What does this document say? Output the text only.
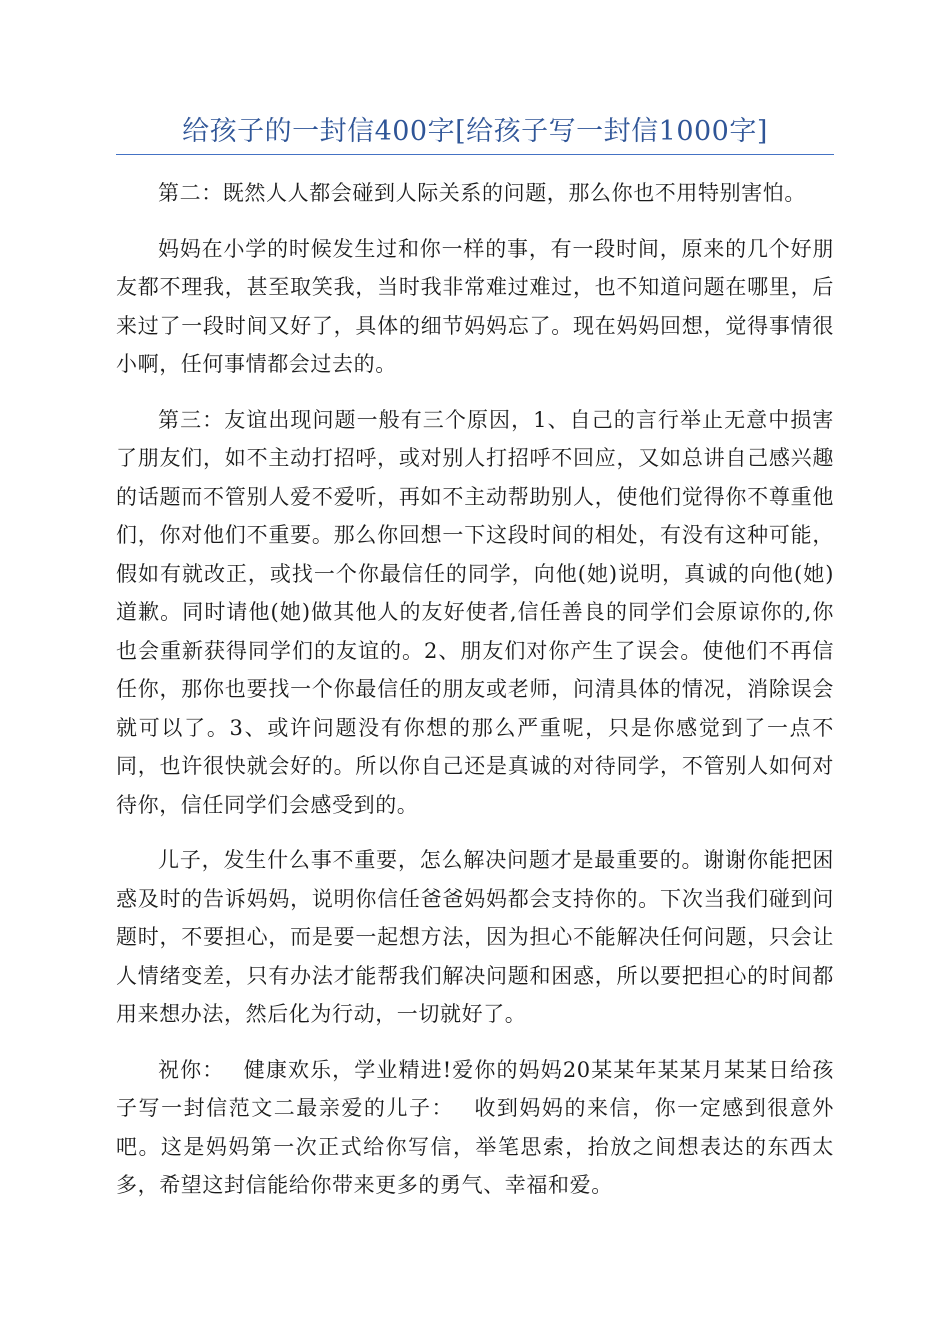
给孩子的一封信400字[给孩子写一封信1000字]

第二：既然人人都会碰到人际关系的问题，那么你也不用特别害怕。

妈妈在小学的时候发生过和你一样的事，有一段时间，原来的几个好朋友都不理我，甚至取笑我，当时我非常难过难过，也不知道问题在哪里，后来过了一段时间又好了，具体的细节妈妈忘了。现在妈妈回想，觉得事情很小啊，任何事情都会过去的。

第三：友谊出现问题一般有三个原因，1、自己的言行举止无意中损害了朋友们，如不主动打招呼，或对别人打招呼不回应，又如总讲自己感兴趣的话题而不管别人爱不爱听，再如不主动帮助别人，使他们觉得你不尊重他们，你对他们不重要。那么你回想一下这段时间的相处，有没有这种可能，假如有就改正，或找一个你最信任的同学，向他(她)说明，真诚的向他(她)道歉。同时请他(她)做其他人的友好使者,信任善良的同学们会原谅你的,你也会重新获得同学们的友谊的。2、朋友们对你产生了误会。使他们不再信任你，那你也要找一个你最信任的朋友或老师，问清具体的情况，消除误会就可以了。3、或许问题没有你想的那么严重呢，只是你感觉到了一点不同，也许很快就会好的。所以你自己还是真诚的对待同学，不管别人如何对待你，信任同学们会感受到的。

儿子，发生什么事不重要，怎么解决问题才是最重要的。谢谢你能把困惑及时的告诉妈妈，说明你信任爸爸妈妈都会支持你的。下次当我们碰到问题时，不要担心，而是要一起想方法，因为担心不能解决任何问题，只会让人情绪变差，只有办法才能帮我们解决问题和困惑，所以要把担心的时间都用来想办法，然后化为行动，一切就好了。

祝你：　 健康欢乐，学业精进!爱你的妈妈20某某年某某月某某日给孩子写一封信范文二最亲爱的儿子：　 收到妈妈的来信，你一定感到很意外吧。这是妈妈第一次正式给你写信，举笔思索，抬放之间想表达的东西太多，希望这封信能给你带来更多的勇气、幸福和爱。
